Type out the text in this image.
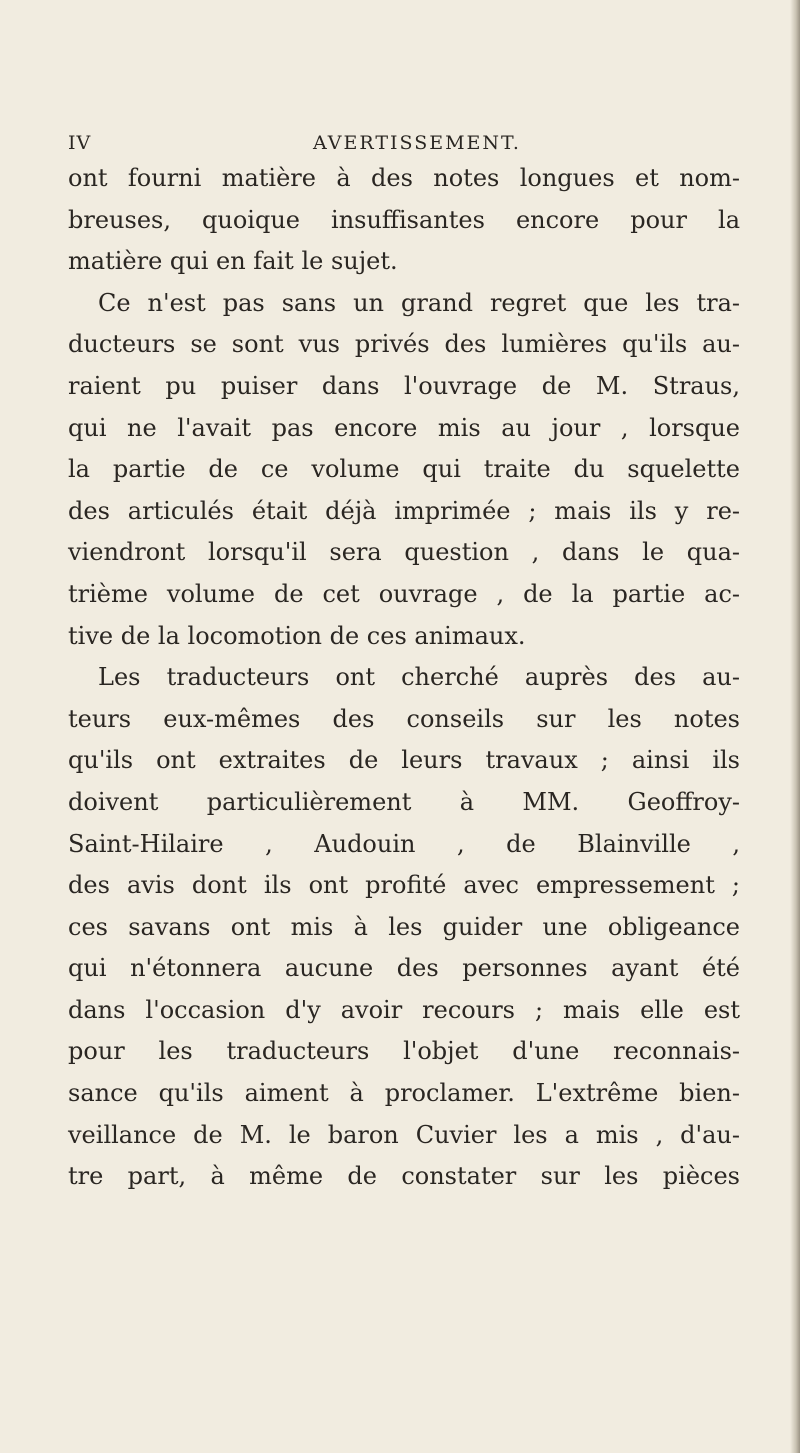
IV	AVERTISSEMENT.
ont fourni matière à des notes longues et nom-
breuses, quoique insuffisantes encore pour la
matière qui en fait le sujet.
Ce n'est pas sans un grand regret que les tra-
ducteurs se sont vus privés des lumières qu'ils au-
raient pu puiser dans l'ouvrage de M. Straus,
qui ne l'avait pas encore mis au jour , lorsque
la partie de ce volume qui traite du squelette
des articulés était déjà imprimée ; mais ils y re-
viendront lorsqu'il sera question , dans le qua-
trième volume de cet ouvrage , de la partie ac-
tive de la locomotion de ces animaux.
Les traducteurs ont cherché auprès des au-
teurs eux-mêmes des conseils sur les notes
qu'ils ont extraites de leurs travaux ; ainsi ils
doivent particulièrement à MM. Geoffroy-
Saint-Hilaire , Audouin , de Blainville ,
des avis dont ils ont profité avec empressement ;
ces savans ont mis à les guider une obligeance
qui n'étonnera aucune des personnes ayant été
dans l'occasion d'y avoir recours ; mais elle est
pour les traducteurs l'objet d'une reconnais-
sance qu'ils aiment à proclamer. L'extrême bien-
veillance de M. le baron Cuvier les a mis , d'au-
tre part, à même de constater sur les pièces
